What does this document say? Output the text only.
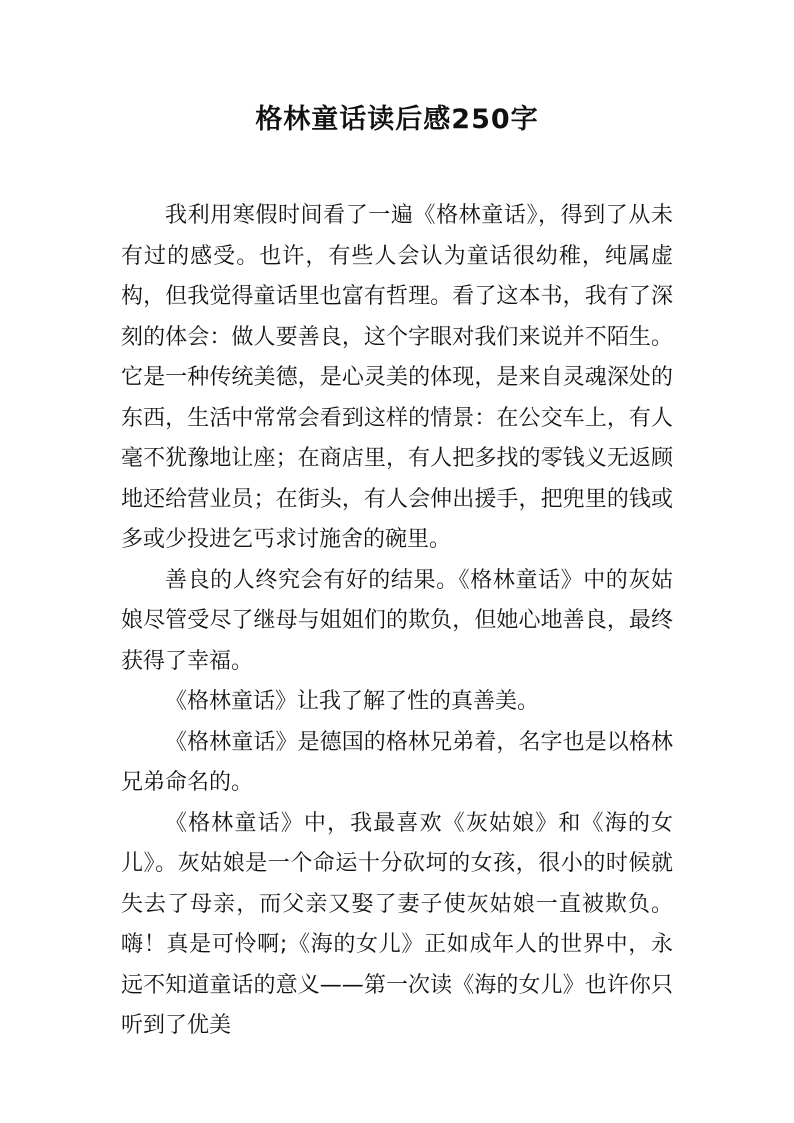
格林童话读后感250字

我利用寒假时间看了一遍《格林童话》，得到了从未有过的感受。也许，有些人会认为童话很幼稚，纯属虚构，但我觉得童话里也富有哲理。看了这本书，我有了深刻的体会：做人要善良，这个字眼对我们来说并不陌生。它是一种传统美德，是心灵美的体现，是来自灵魂深处的东西，生活中常常会看到这样的情景：在公交车上，有人毫不犹豫地让座；在商店里，有人把多找的零钱义无返顾地还给营业员；在街头，有人会伸出援手，把兜里的钱或多或少投进乞丐求讨施舍的碗里。

善良的人终究会有好的结果。《格林童话》中的灰姑娘尽管受尽了继母与姐姐们的欺负，但她心地善良，最终获得了幸福。

《格林童话》让我了解了性的真善美。

《格林童话》是德国的格林兄弟着，名字也是以格林兄弟命名的。

《格林童话》中，我最喜欢《灰姑娘》和《海的女儿》。灰姑娘是一个命运十分砍坷的女孩，很小的时候就失去了母亲，而父亲又娶了妻子使灰姑娘一直被欺负。嗨！真是可怜啊;《海的女儿》正如成年人的世界中，永远不知道童话的意义——第一次读《海的女儿》也许你只听到了优美
